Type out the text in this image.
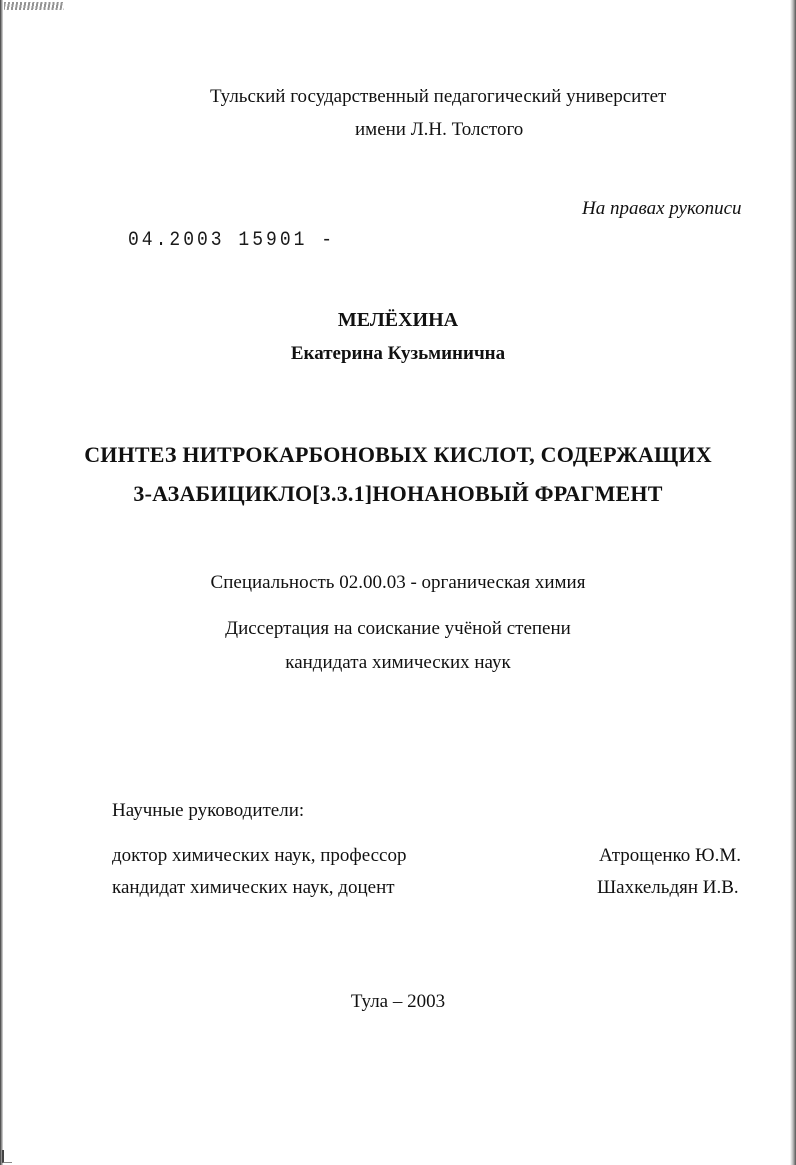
Тульский государственный педагогический университет
имени Л.Н. Толстого
На правах рукописи
04.2003 15901 -
МЕЛЁХИНА
Екатерина Кузьминична
СИНТЕЗ НИТРОКАРБОНОВЫХ КИСЛОТ, СОДЕРЖАЩИХ
3-АЗАБИЦИКЛО[3.3.1]НОНАНОВЫЙ ФРАГМЕНТ
Специальность 02.00.03 - органическая химия
Диссертация на соискание учёной степени
кандидата химических наук
Научные руководители:
доктор химических наук, профессор	Атрощенко Ю.М.
кандидат химических наук, доцент	Шахкельдян И.В.
Тула – 2003
